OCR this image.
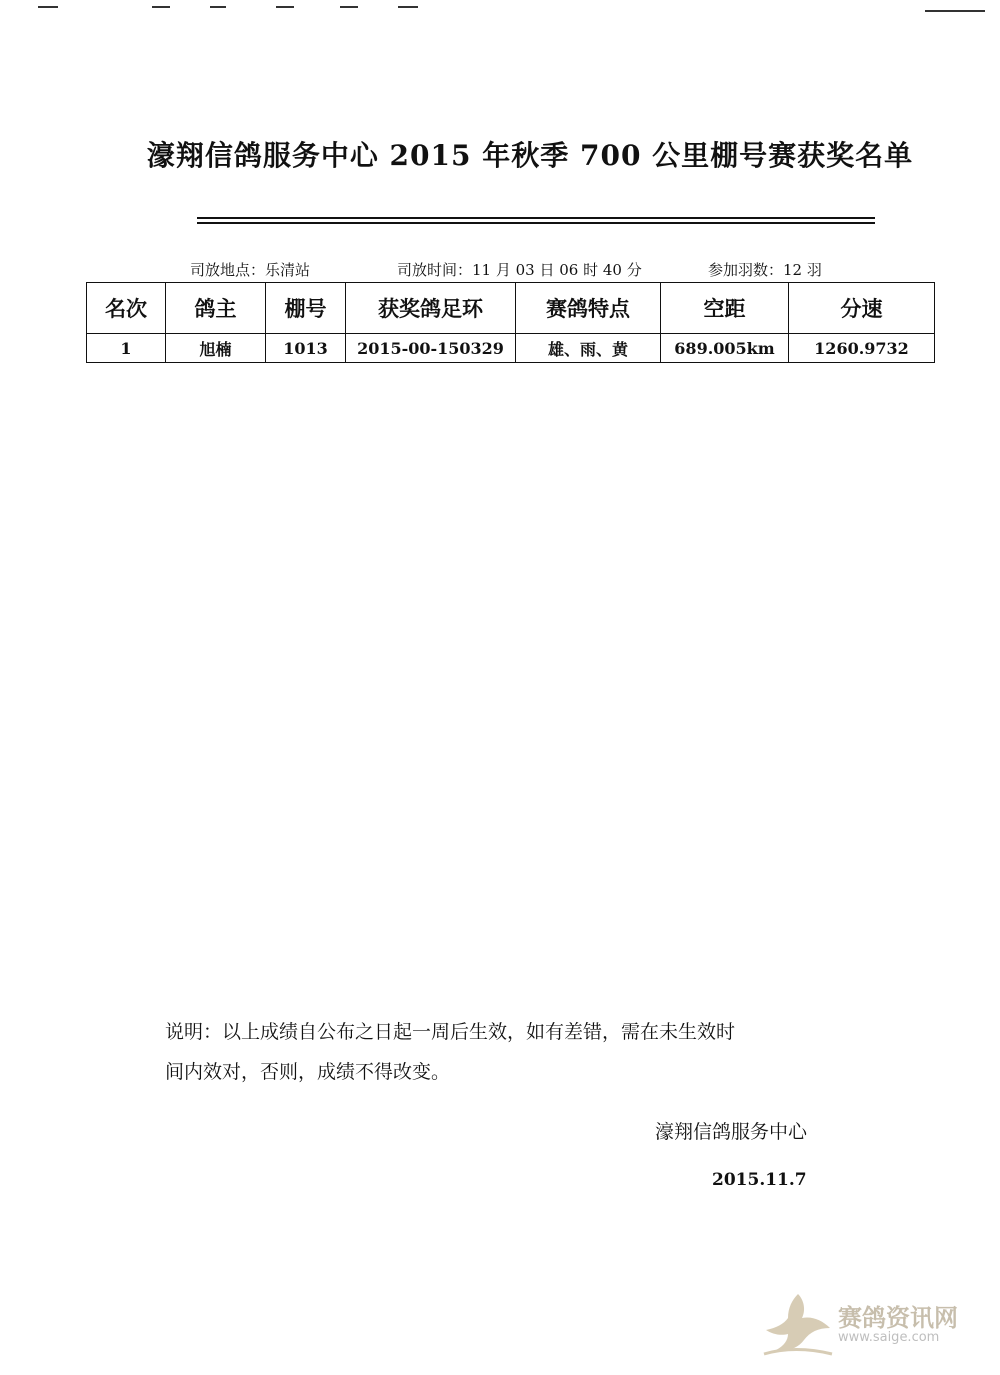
濠翔信鸽服务中心 2015 年秋季 700 公里棚号赛获奖名单
司放地点：乐清站	司放时间：11 月 03 日 06 时 40 分	参加羽数：12 羽
名次	鸽主	棚号	获奖鸽足环	赛鸽特点	空距	分速
1	旭楠	1013	2015-00-150329	雄、雨、黄	689.005km	1260.9732
说明：以上成绩自公布之日起一周后生效，如有差错，需在未生效时
间内效对，否则，成绩不得改变。
濠翔信鸽服务中心
2015.11.7
赛鸽资讯网
www.saige.com
